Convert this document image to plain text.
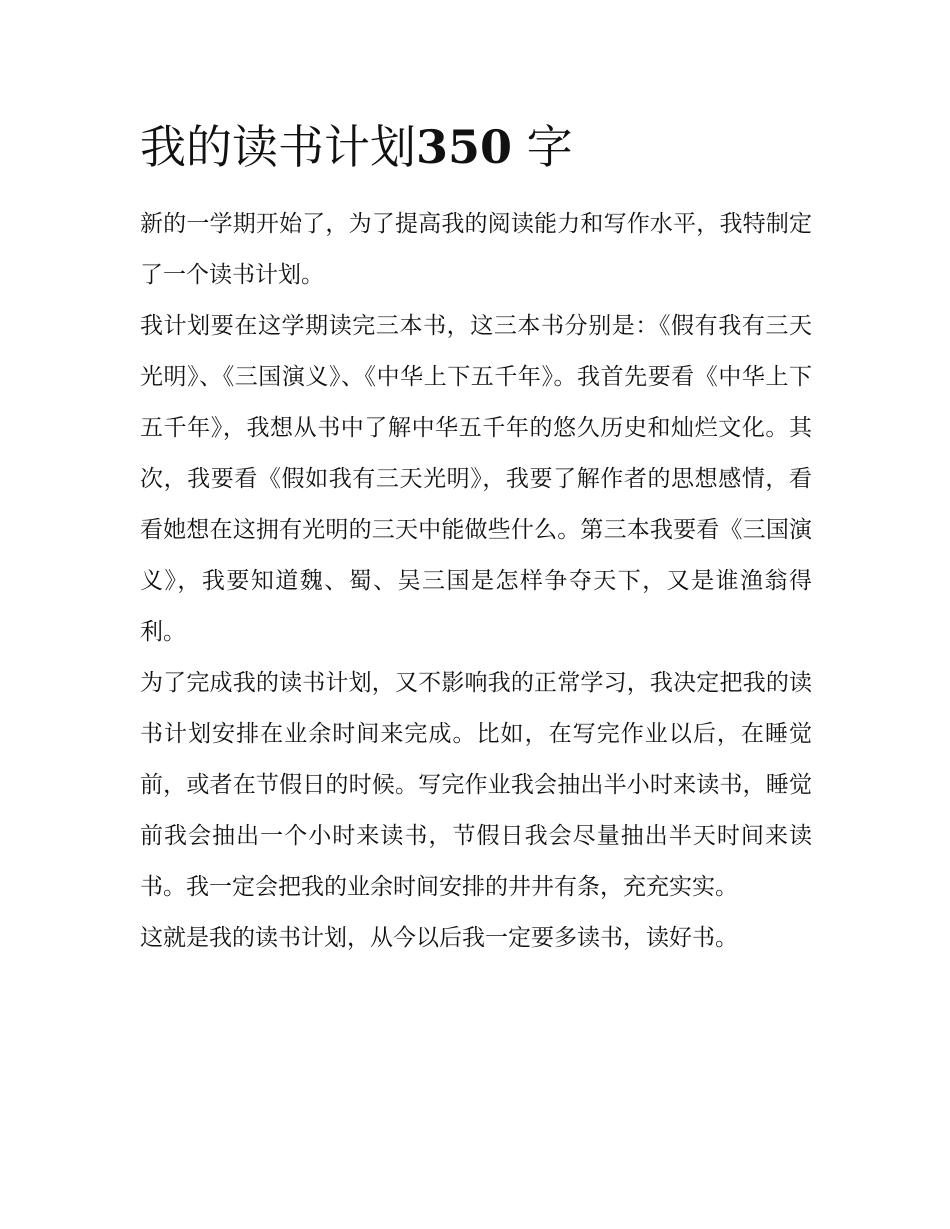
我的读书计划350 字

新的一学期开始了，为了提高我的阅读能力和写作水平，我特制定了一个读书计划。

我计划要在这学期读完三本书，这三本书分别是：《假有我有三天光明》、《三国演义》、《中华上下五千年》。我首先要看《中华上下五千年》，我想从书中了解中华五千年的悠久历史和灿烂文化。其次，我要看《假如我有三天光明》，我要了解作者的思想感情，看看她想在这拥有光明的三天中能做些什么。第三本我要看《三国演义》，我要知道魏、蜀、吴三国是怎样争夺天下，又是谁渔翁得利。

为了完成我的读书计划，又不影响我的正常学习，我决定把我的读书计划安排在业余时间来完成。比如，在写完作业以后，在睡觉前，或者在节假日的时候。写完作业我会抽出半小时来读书，睡觉前我会抽出一个小时来读书，节假日我会尽量抽出半天时间来读书。我一定会把我的业余时间安排的井井有条，充充实实。

这就是我的读书计划，从今以后我一定要多读书，读好书。
